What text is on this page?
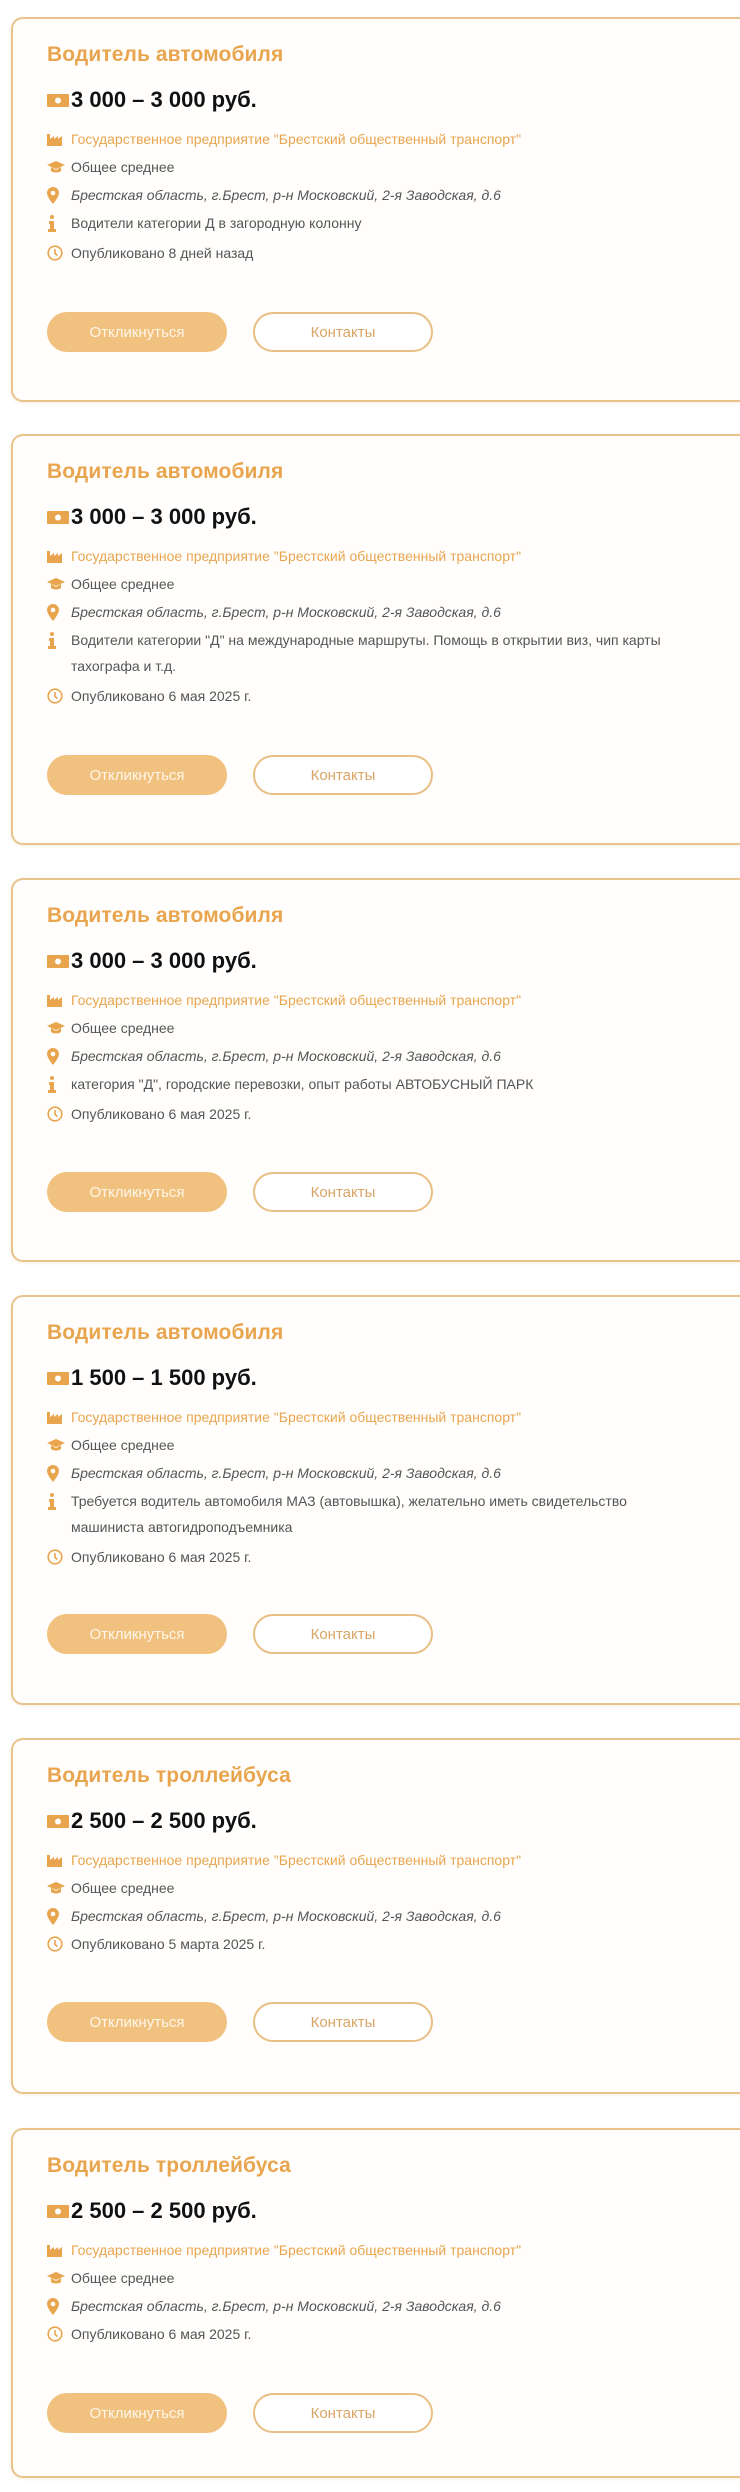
Водитель автомобиля
3 000 – 3 000 руб.
Государственное предприятие "Брестский общественный транспорт"
Общее среднее
Брестская область, г.Брест, р-н Московский, 2-я Заводская, д.6
Водители категории Д в загородную колонну
Опубликовано 8 дней назад
Откликнуться	Контакты
Водитель автомобиля
3 000 – 3 000 руб.
Государственное предприятие "Брестский общественный транспорт"
Общее среднее
Брестская область, г.Брест, р-н Московский, 2-я Заводская, д.6
Водители категории "Д" на международные маршруты. Помощь в открытии виз, чип карты тахографа и т.д.
Опубликовано 6 мая 2025 г.
Откликнуться	Контакты
Водитель автомобиля
3 000 – 3 000 руб.
Государственное предприятие "Брестский общественный транспорт"
Общее среднее
Брестская область, г.Брест, р-н Московский, 2-я Заводская, д.6
категория "Д", городские перевозки, опыт работы АВТОБУСНЫЙ ПАРК
Опубликовано 6 мая 2025 г.
Откликнуться	Контакты
Водитель автомобиля
1 500 – 1 500 руб.
Государственное предприятие "Брестский общественный транспорт"
Общее среднее
Брестская область, г.Брест, р-н Московский, 2-я Заводская, д.6
Требуется водитель автомобиля МАЗ (автовышка), желательно иметь свидетельство машиниста автогидроподъемника
Опубликовано 6 мая 2025 г.
Откликнуться	Контакты
Водитель троллейбуса
2 500 – 2 500 руб.
Государственное предприятие "Брестский общественный транспорт"
Общее среднее
Брестская область, г.Брест, р-н Московский, 2-я Заводская, д.6
Опубликовано 5 марта 2025 г.
Откликнуться	Контакты
Водитель троллейбуса
2 500 – 2 500 руб.
Государственное предприятие "Брестский общественный транспорт"
Общее среднее
Брестская область, г.Брест, р-н Московский, 2-я Заводская, д.6
Опубликовано 6 мая 2025 г.
Откликнуться	Контакты
